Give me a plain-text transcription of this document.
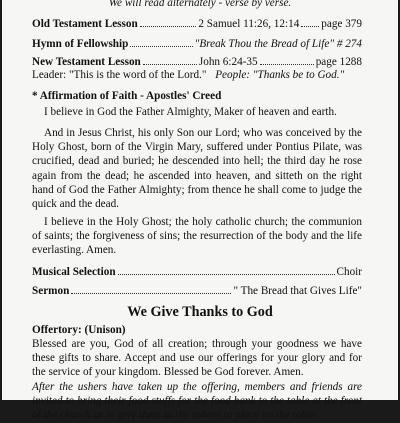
We will read alternately - verse by verse.
Old Testament Lesson	2 Samuel 11:26, 12:14 page 379
Hymn of Fellowship	"Break Thou the Bread of Life" # 274
New Testament Lesson	John 6:24-35	page 1288
Leader: "This is the word of the Lord." People: "Thanks be to God."
* Affirmation of Faith - Apostles' Creed
I believe in God the Father Almighty, Maker of heaven and earth.
And in Jesus Christ, his only Son our Lord; who was conceived by the Holy Ghost, born of the Virgin Mary, suffered under Pontius Pilate, was crucified, dead and buried; he descended into hell; the third day he rose again from the dead; he ascended into heaven, and sitteth on the right hand of God the Father Almighty; from thence he shall come to judge the quick and the dead.
I believe in the Holy Ghost; the holy catholic church; the communion of saints; the forgiveness of sins; the resurrection of the body and the life everlasting. Amen.
Musical Selection	Choir
Sermon	" The Bread that Gives Life"
We Give Thanks to God
Offertory: (Unison)
Blessed are you, God of all creation; through your goodness we have these gifts to share. Accept and use our offerings for your glory and for the service of your kingdom. Blessed be God forever. Amen.
After the ushers have taken up the offering, members and friends are invited to bring their food stuffs for the food bank to the table at the front of the church or to give them to the ushers to place on the table.
